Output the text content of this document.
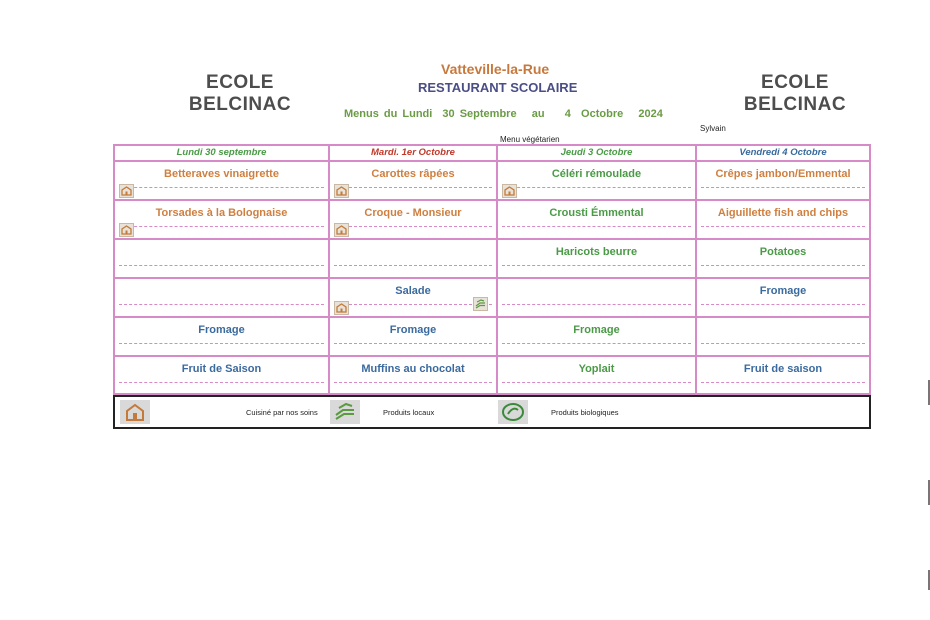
ECOLE
BELCINAC
ECOLE
BELCINAC
Vatteville-la-Rue
RESTAURANT SCOLAIRE
Menus du Lundi  30 Septembre   au    4  Octobre   2024
Menu végétarien
Sylvain
Lundi 30 septembre
Betteraves vinaigrette
Torsades à la Bolognaise
Fromage
Fruit de Saison
Mardi. 1er Octobre
Carottes râpées
Croque - Monsieur
Salade
Fromage
Muffins au chocolat
Jeudi 3 Octobre
Céléri rémoulade
Crousti Émmental
Haricots beurre
Fromage
Yoplait
Vendredi 4 Octobre
Crêpes jambon/Emmental
Aiguillette fish and chips
Potatoes
Fromage
Fruit de saison
Cuisiné par nos soins	Produits locaux	Produits biologiques
